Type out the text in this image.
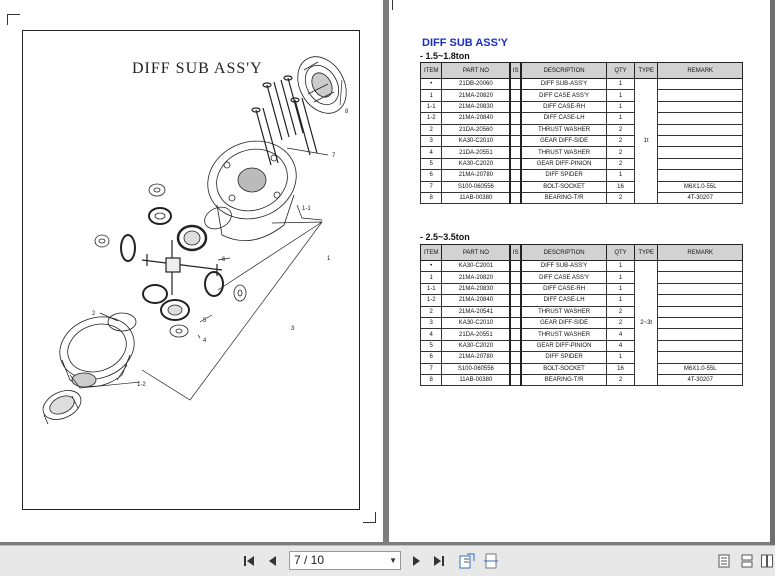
DIFF SUB ASS'Y
8
7
1-1
6
5
4
3
2
1-2
1
DIFF SUB ASS'Y
- 1.5~1.8ton
- 2.5~3.5ton
ITEM	PART NO	IS	DESCRIPTION	QTY	TYPE	REMARK
•	21DB-20060		DIFF SUB-ASS'Y	1	1t	
1	21MA-20820		DIFF CASE ASS'Y	1		
1-1	21MA-20830		DIFF CASE-RH	1		
1-2	21MA-20840		DIFF CASE-LH	1		
2	21DA-20560		THRUST WASHER	2		
3	KA30-C2010		GEAR DIFF-SIDE	2		
4	21DA-20551		THRUST WASHER	2		
5	KA30-C2020		GEAR DIFF-PINION	2		
6	21MA-20780		DIFF SPIDER	1		
7	S100-060556		BOLT-SOCKET	16		M6X1.0-55L
8	11AB-00380		BEARING-T/R	2		4T-30207
ITEM	PART NO	IS	DESCRIPTION	QTY	TYPE	REMARK
•	KA30-C2001		DIFF SUB-ASS'Y	1	2~3t	
1	21MA-20820		DIFF CASE ASS'Y	1		
1-1	21MA-20830		DIFF CASE-RH	1		
1-2	21MA-20840		DIFF CASE-LH	1		
2	21MA-20541		THRUST WASHER	2		
3	KA30-C2010		GEAR DIFF-SIDE	2		
4	21DA-20551		THRUST WASHER	4		
5	KA30-C2020		GEAR DIFF-PINION	4		
6	21MA-20780		DIFF SPIDER	1		
7	S100-060556		BOLT-SOCKET	16		M6X1.0-55L
8	11AB-00380		BEARING-T/R	2		4T-30207
7 / 10	▼
